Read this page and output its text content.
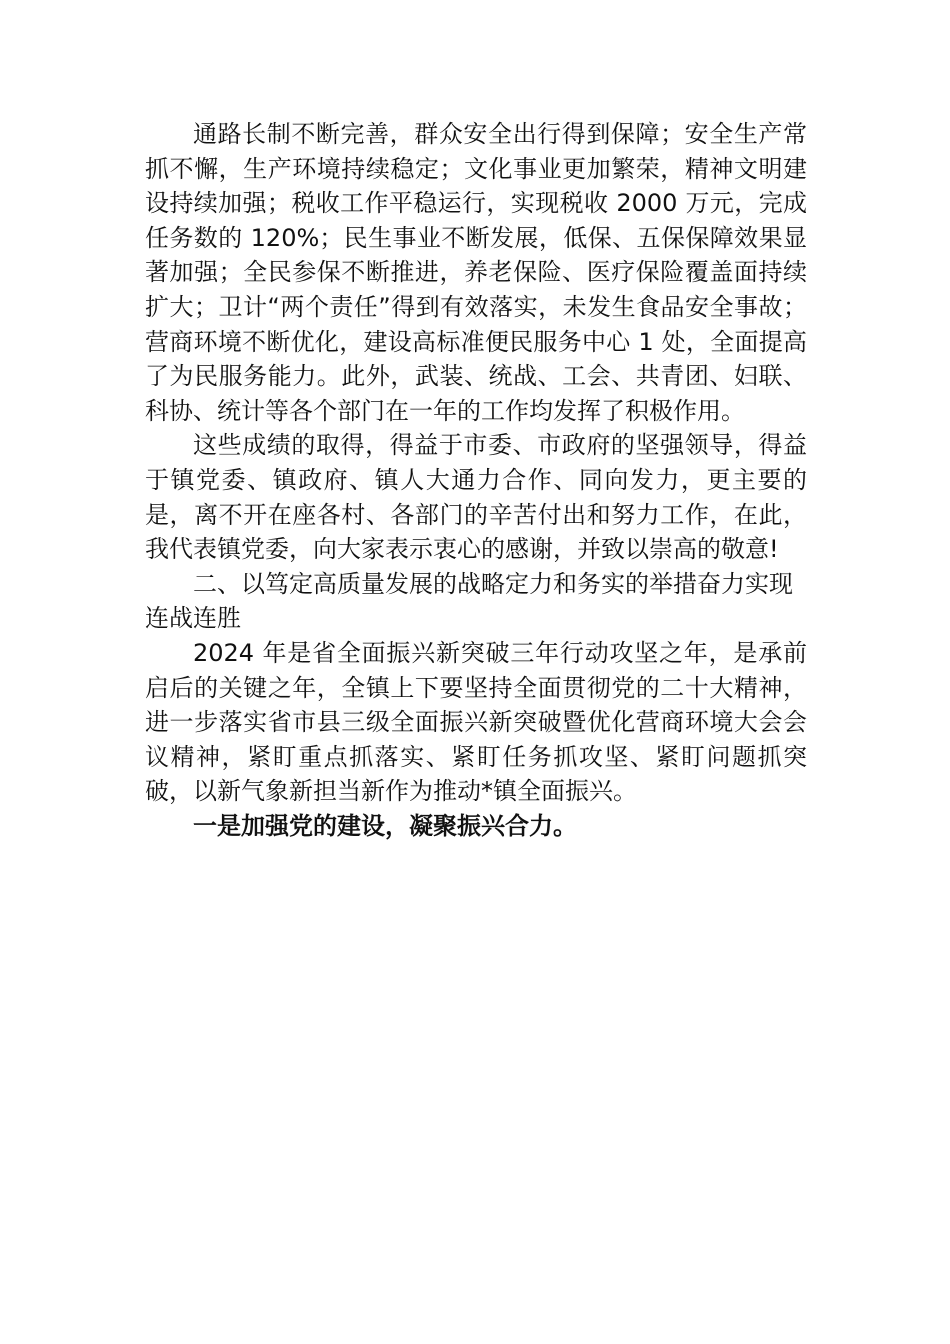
通路长制不断完善，群众安全出行得到保障；安全生产常抓不懈，生产环境持续稳定；文化事业更加繁荣，精神文明建设持续加强；税收工作平稳运行，实现税收 2000 万元，完成任务数的 120%；民生事业不断发展，低保、五保保障效果显著加强；全民参保不断推进，养老保险、医疗保险覆盖面持续扩大；卫计“两个责任”得到有效落实，未发生食品安全事故；营商环境不断优化，建设高标准便民服务中心 1 处，全面提高了为民服务能力。此外，武装、统战、工会、共青团、妇联、科协、统计等各个部门在一年的工作均发挥了积极作用。

这些成绩的取得，得益于市委、市政府的坚强领导，得益于镇党委、镇政府、镇人大通力合作、同向发力，更主要的是，离不开在座各村、各部门的辛苦付出和努力工作，在此，我代表镇党委，向大家表示衷心的感谢，并致以崇高的敬意!

二、以笃定高质量发展的战略定力和务实的举措奋力实现连战连胜

2024 年是省全面振兴新突破三年行动攻坚之年，是承前启后的关键之年，全镇上下要坚持全面贯彻党的二十大精神，进一步落实省市县三级全面振兴新突破暨优化营商环境大会会议精神，紧盯重点抓落实、紧盯任务抓攻坚、紧盯问题抓突破，以新气象新担当新作为推动*镇全面振兴。

一是加强党的建设，凝聚振兴合力。
